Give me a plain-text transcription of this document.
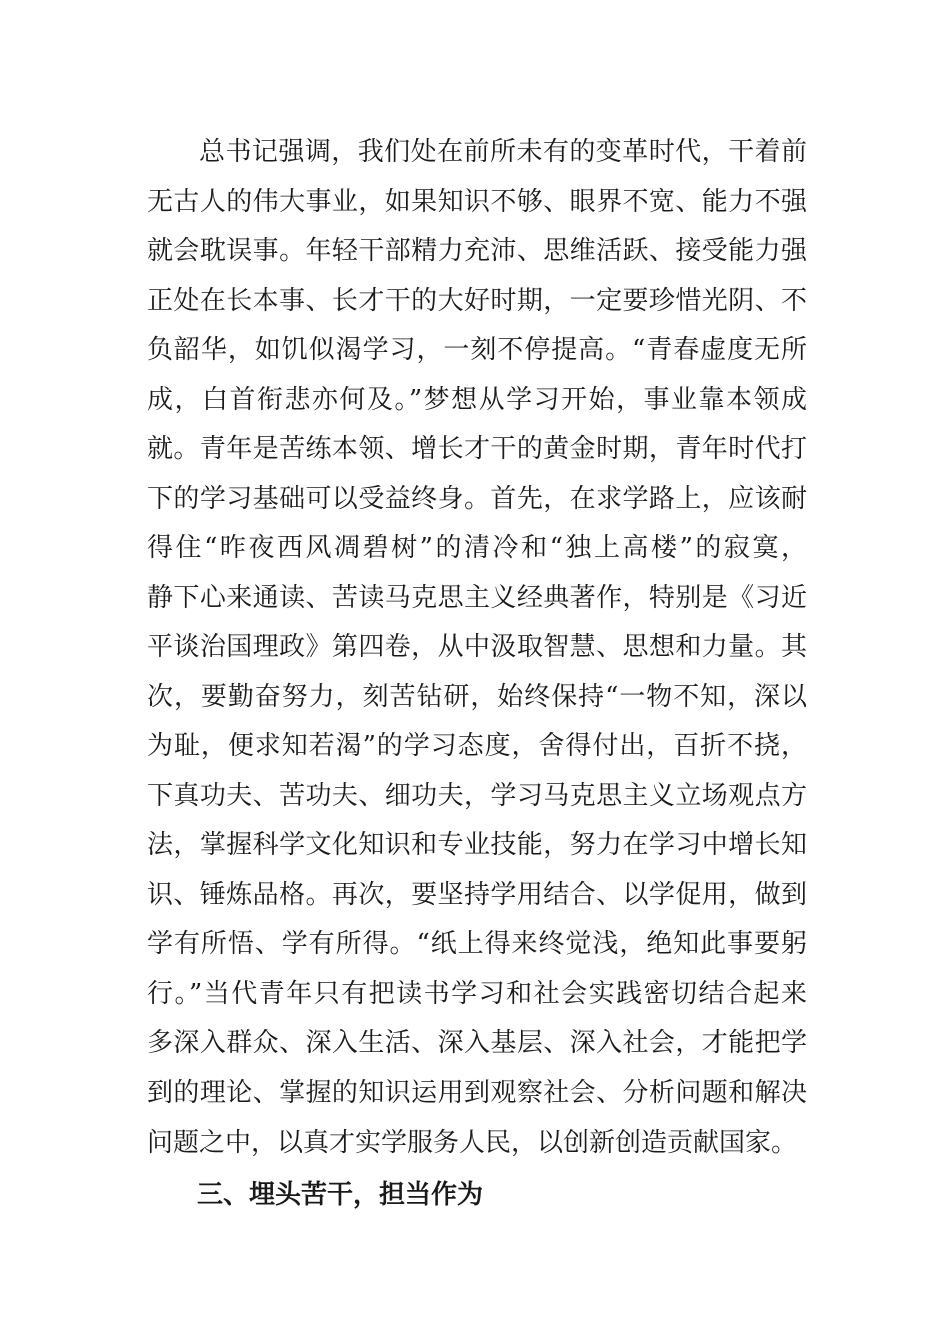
总书记强调，我们处在前所未有的变革时代，干着前
无古人的伟大事业，如果知识不够、眼界不宽、能力不强
就会耽误事。年轻干部精力充沛、思维活跃、接受能力强
正处在长本事、长才干的大好时期，一定要珍惜光阴、不
负韶华，如饥似渴学习，一刻不停提高。“青春虚度无所
成，白首衔悲亦何及。”梦想从学习开始，事业靠本领成
就。青年是苦练本领、增长才干的黄金时期，青年时代打
下的学习基础可以受益终身。首先，在求学路上，应该耐
得住“昨夜西风凋碧树”的清冷和“独上高楼”的寂寞，
静下心来通读、苦读马克思主义经典著作，特别是《习近
平谈治国理政》第四卷，从中汲取智慧、思想和力量。其
次，要勤奋努力，刻苦钻研，始终保持“一物不知，深以
为耻，便求知若渴”的学习态度，舍得付出，百折不挠，
下真功夫、苦功夫、细功夫，学习马克思主义立场观点方
法，掌握科学文化知识和专业技能，努力在学习中增长知
识、锤炼品格。再次，要坚持学用结合、以学促用，做到
学有所悟、学有所得。“纸上得来终觉浅，绝知此事要躬
行。”当代青年只有把读书学习和社会实践密切结合起来
多深入群众、深入生活、深入基层、深入社会，才能把学
到的理论、掌握的知识运用到观察社会、分析问题和解决
问题之中，以真才实学服务人民，以创新创造贡献国家。
三、埋头苦干，担当作为
